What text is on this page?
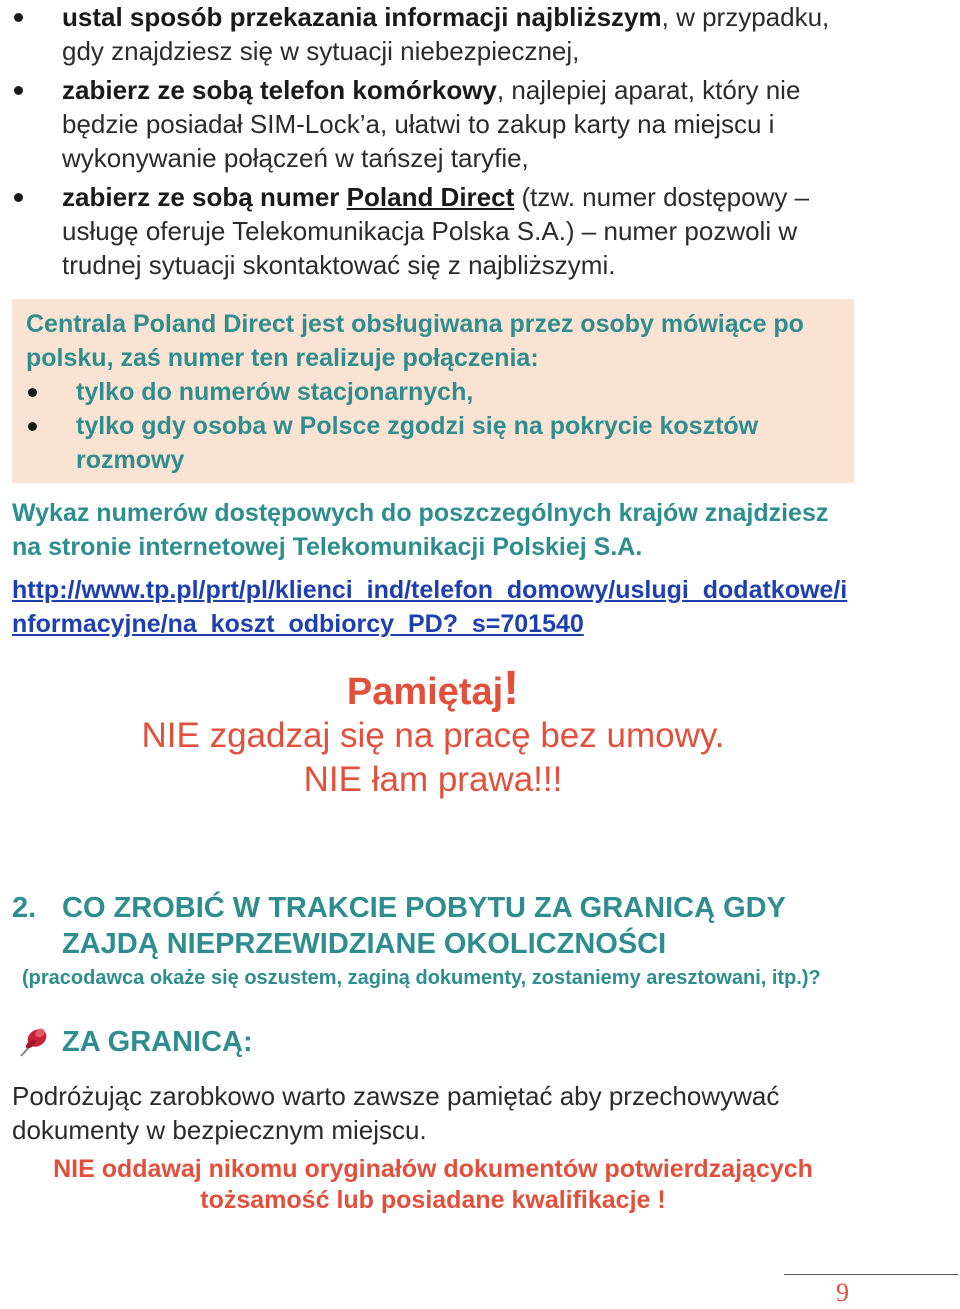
ustal sposób przekazania informacji najbliższym, w przypadku, gdy znajdziesz się w sytuacji niebezpiecznej,
zabierz ze sobą telefon komórkowy, najlepiej aparat, który nie będzie posiadał SIM-Lock’a, ułatwi to zakup karty na miejscu i wykonywanie połączeń w tańszej taryfie,
zabierz ze sobą numer Poland Direct (tzw. numer dostępowy – usługę oferuje Telekomunikacja Polska S.A.) – numer pozwoli w trudnej sytuacji skontaktować się z najbliższymi.
Centrala Poland Direct jest obsługiwana przez osoby mówiące po polsku, zaś numer ten realizuje połączenia:
tylko do numerów stacjonarnych,
tylko gdy osoba w Polsce zgodzi się na pokrycie kosztów rozmowy
Wykaz numerów dostępowych do poszczególnych krajów znajdziesz na stronie internetowej Telekomunikacji Polskiej S.A.
http://www.tp.pl/prt/pl/klienci_ind/telefon_domowy/uslugi_dodatkowe/informacyjne/na_koszt_odbiorcy_PD?_s=701540
Pamiętaj!
NIE zgadzaj się na pracę bez umowy.
NIE łam prawa!!!
2. CO ZROBIĆ W TRAKCIE POBYTU ZA GRANICĄ GDY ZAJDĄ NIEPRZEWIDZIANE OKOLICZNOŚCI
(pracodawca okaże się oszustem, zaginą dokumenty, zostaniemy aresztowani, itp.)?
ZA GRANICĄ:
Podróżując zarobkowo warto zawsze pamiętać aby przechowywać dokumenty w bezpiecznym miejscu.
NIE oddawaj nikomu oryginałów dokumentów potwierdzających
tożsamość lub posiadane kwalifikacje !
9
